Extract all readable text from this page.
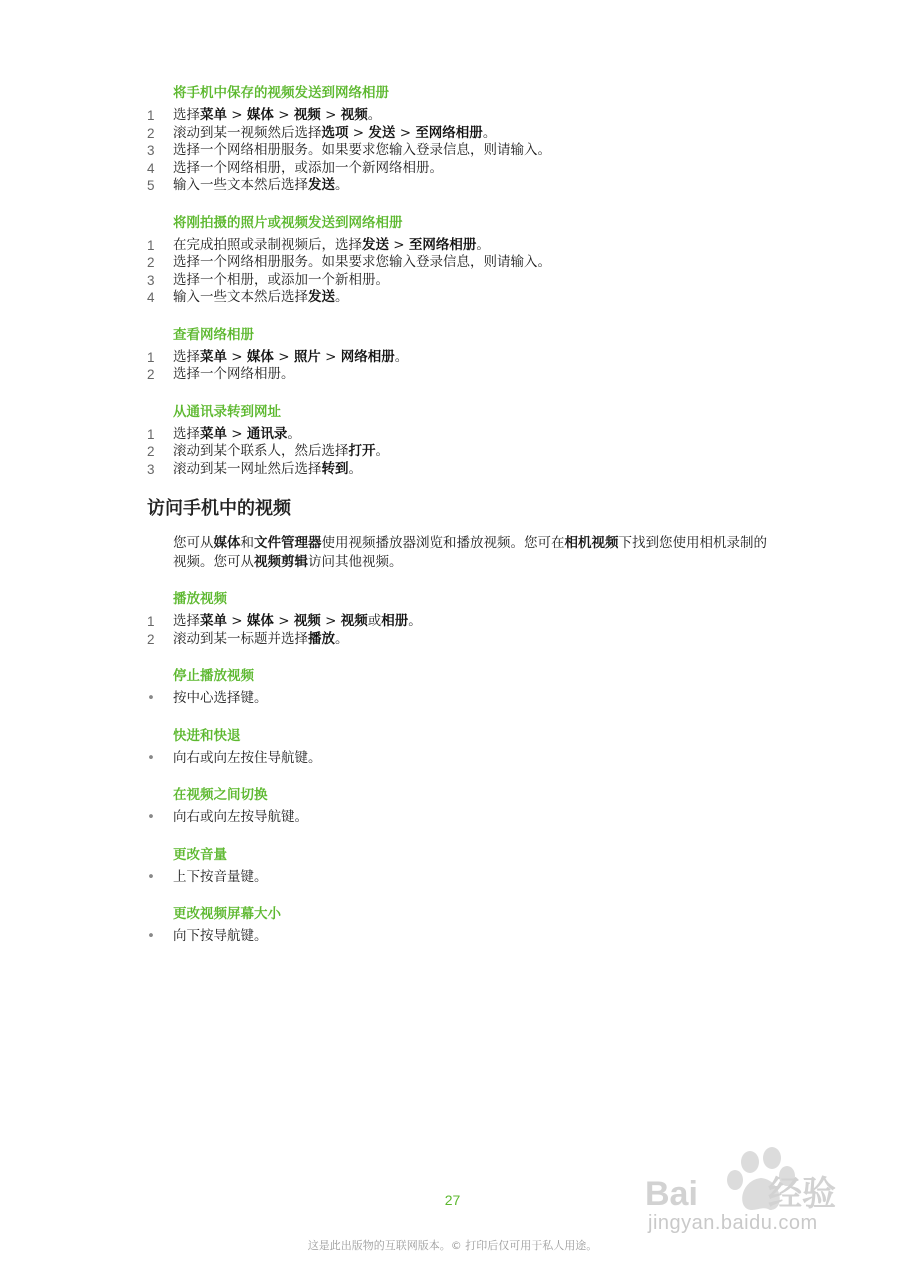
将手机中保存的视频发送到网络相册
1	选择菜单 > 媒体 > 视频 > 视频。
2	滚动到某一视频然后选择选项 > 发送 > 至网络相册。
3	选择一个网络相册服务。如果要求您输入登录信息，则请输入。
4	选择一个网络相册，或添加一个新网络相册。
5	输入一些文本然后选择发送。
将刚拍摄的照片或视频发送到网络相册
1	在完成拍照或录制视频后，选择发送 > 至网络相册。
2	选择一个网络相册服务。如果要求您输入登录信息，则请输入。
3	选择一个相册，或添加一个新相册。
4	输入一些文本然后选择发送。
查看网络相册
1	选择菜单 > 媒体 > 照片 > 网络相册。
2	选择一个网络相册。
从通讯录转到网址
1	选择菜单 > 通讯录。
2	滚动到某个联系人，然后选择打开。
3	滚动到某一网址然后选择转到。
访问手机中的视频
您可从媒体和文件管理器使用视频播放器浏览和播放视频。您可在相机视频下找到您使用相机录制的视频。您可从视频剪辑访问其他视频。
播放视频
1	选择菜单 > 媒体 > 视频 > 视频或相册。
2	滚动到某一标题并选择播放。
停止播放视频
•	按中心选择键。
快进和快退
•	向右或向左按住导航键。
在视频之间切换
•	向右或向左按导航键。
更改音量
•	上下按音量键。
更改视频屏幕大小
•	向下按导航键。
27
这是此出版物的互联网版本。© 打印后仅可用于私人用途。
Bai 经验
jingyan.baidu.com
